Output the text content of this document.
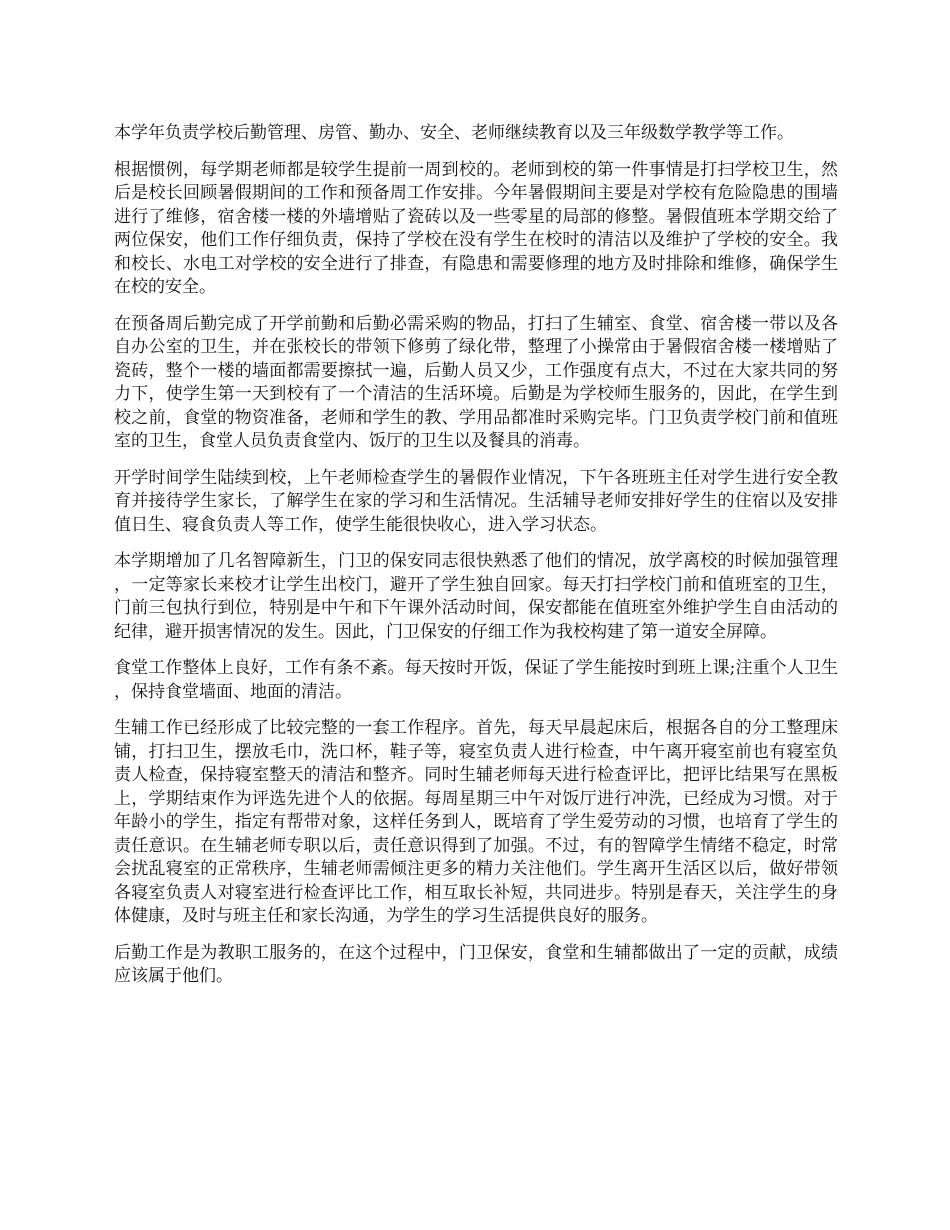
本学年负责学校后勤管理、房管、勤办、安全、老师继续教育以及三年级数学教学等工作。

根据惯例，每学期老师都是较学生提前一周到校的。老师到校的第一件事情是打扫学校卫生，然后是校长回顾暑假期间的工作和预备周工作安排。今年暑假期间主要是对学校有危险隐患的围墙进行了维修，宿舍楼一楼的外墙增贴了瓷砖以及一些零星的局部的修整。暑假值班本学期交给了两位保安，他们工作仔细负责，保持了学校在没有学生在校时的清洁以及维护了学校的安全。我和校长、水电工对学校的安全进行了排查，有隐患和需要修理的地方及时排除和维修，确保学生在校的安全。

在预备周后勤完成了开学前勤和后勤必需采购的物品，打扫了生辅室、食堂、宿舍楼一带以及各自办公室的卫生，并在张校长的带领下修剪了绿化带，整理了小操常由于暑假宿舍楼一楼增贴了瓷砖，整个一楼的墙面都需要擦拭一遍，后勤人员又少，工作强度有点大，不过在大家共同的努力下，使学生第一天到校有了一个清洁的生活环境。后勤是为学校师生服务的，因此，在学生到校之前，食堂的物资准备，老师和学生的教、学用品都准时采购完毕。门卫负责学校门前和值班室的卫生，食堂人员负责食堂内、饭厅的卫生以及餐具的消毒。

开学时间学生陆续到校，上午老师检查学生的暑假作业情况，下午各班班主任对学生进行安全教育并接待学生家长，了解学生在家的学习和生活情况。生活辅导老师安排好学生的住宿以及安排值日生、寝食负责人等工作，使学生能很快收心，进入学习状态。

本学期增加了几名智障新生，门卫的保安同志很快熟悉了他们的情况，放学离校的时候加强管理，一定等家长来校才让学生出校门，避开了学生独自回家。每天打扫学校门前和值班室的卫生，门前三包执行到位，特别是中午和下午课外活动时间，保安都能在值班室外维护学生自由活动的纪律，避开损害情况的发生。因此，门卫保安的仔细工作为我校构建了第一道安全屏障。

食堂工作整体上良好，工作有条不紊。每天按时开饭，保证了学生能按时到班上课;注重个人卫生，保持食堂墙面、地面的清洁。

生辅工作已经形成了比较完整的一套工作程序。首先，每天早晨起床后，根据各自的分工整理床铺，打扫卫生，摆放毛巾，洗口杯，鞋子等，寝室负责人进行检查，中午离开寝室前也有寝室负责人检查，保持寝室整天的清洁和整齐。同时生辅老师每天进行检查评比，把评比结果写在黑板上，学期结束作为评选先进个人的依据。每周星期三中午对饭厅进行冲洗，已经成为习惯。对于年龄小的学生，指定有帮带对象，这样任务到人，既培育了学生爱劳动的习惯，也培育了学生的责任意识。在生辅老师专职以后，责任意识得到了加强。不过，有的智障学生情绪不稳定，时常会扰乱寝室的正常秩序，生辅老师需倾注更多的精力关注他们。学生离开生活区以后，做好带领各寝室负责人对寝室进行检查评比工作，相互取长补短，共同进步。特别是春天，关注学生的身体健康，及时与班主任和家长沟通，为学生的学习生活提供良好的服务。

后勤工作是为教职工服务的，在这个过程中，门卫保安，食堂和生辅都做出了一定的贡献，成绩应该属于他们。
